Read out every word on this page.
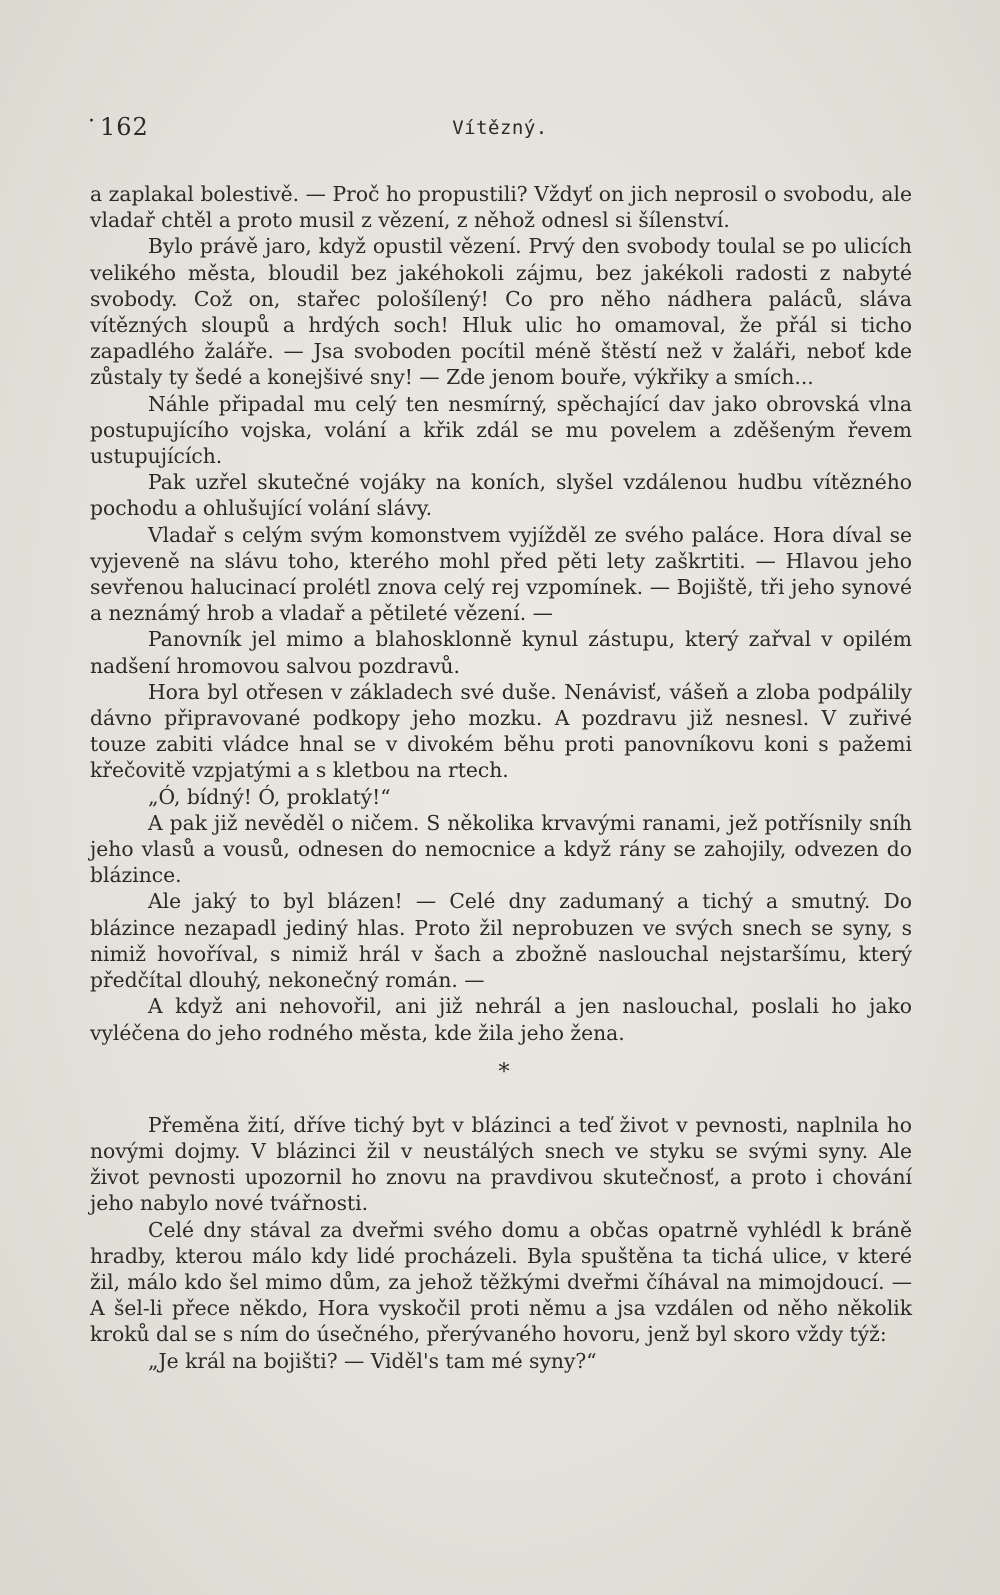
· 162	Vítězný.

a zaplakal bolestivě. — Proč ho propustili? Vždyť on jich neprosil o svobodu, ale vladař chtěl a proto musil z vězení, z něhož odnesl si šílenství.

Bylo právě jaro, když opustil vězení. Prvý den svobody toulal se po ulicích velikého města, bloudil bez jakéhokoli zájmu, bez jakékoli radosti z nabyté svobody. Což on, stařec pološílený! Co pro něho nádhera paláců, sláva vítězných sloupů a hrdých soch! Hluk ulic ho omamoval, že přál si ticho zapadlého žaláře. — Jsa svoboden pocítil méně štěstí než v žaláři, neboť kde zůstaly ty šedé a konejšivé sny! — Zde jenom bouře, výkřiky a smích...

Náhle připadal mu celý ten nesmírný, spěchající dav jako obrovská vlna postupujícího vojska, volání a křik zdál se mu povelem a zděšeným řevem ustupujících.

Pak uzřel skutečné vojáky na koních, slyšel vzdálenou hudbu vítězného pochodu a ohlušující volání slávy.

Vladař s celým svým komonstvem vyjížděl ze svého paláce. Hora díval se vyjeveně na slávu toho, kterého mohl před pěti lety zaškrtiti. — Hlavou jeho sevřenou halucinací prolétl znova celý rej vzpomínek. — Bojiště, tři jeho synové a neznámý hrob a vladař a pětileté vězení. —

Panovník jel mimo a blahosklonně kynul zástupu, který zařval v opilém nadšení hromovou salvou pozdravů.

Hora byl otřesen v základech své duše. Nenávisť, vášeň a zloba podpálily dávno připravované podkopy jeho mozku. A pozdravu již nesnesl. V zuřivé touze zabiti vládce hnal se v divokém běhu proti panovníkovu koni s pažemi křečovitě vzpjatými a s kletbou na rtech.

„Ó, bídný! Ó, proklatý!“

A pak již nevěděl o ničem. S několika krvavými ranami, jež potřísnily sníh jeho vlasů a vousů, odnesen do nemocnice a když rány se zahojily, odvezen do blázince.

Ale jaký to byl blázen! — Celé dny zadumaný a tichý a smutný. Do blázince nezapadl jediný hlas. Proto žil neprobuzen ve svých snech se syny, s nimiž hovoříval, s nimiž hrál v šach a zbožně naslouchal nejstaršímu, který předčítal dlouhý, nekonečný román. —

A když ani nehovořil, ani již nehrál a jen naslouchal, poslali ho jako vyléčena do jeho rodného města, kde žila jeho žena.

*

Přeměna žití, dříve tichý byt v blázinci a teď život v pevnosti, naplnila ho novými dojmy. V blázinci žil v neustálých snech ve styku se svými syny. Ale život pevnosti upozornil ho znovu na pravdivou skutečnosť, a proto i chování jeho nabylo nové tvářnosti.

Celé dny stával za dveřmi svého domu a občas opatrně vyhlédl k bráně hradby, kterou málo kdy lidé procházeli. Byla spuštěna ta tichá ulice, v které žil, málo kdo šel mimo dům, za jehož těžkými dveřmi číhával na mimojdoucí. — A šel-li přece někdo, Hora vyskočil proti němu a jsa vzdálen od něho několik kroků dal se s ním do úsečného, přerývaného hovoru, jenž byl skoro vždy týž:

„Je král na bojišti? — Viděl's tam mé syny?“
